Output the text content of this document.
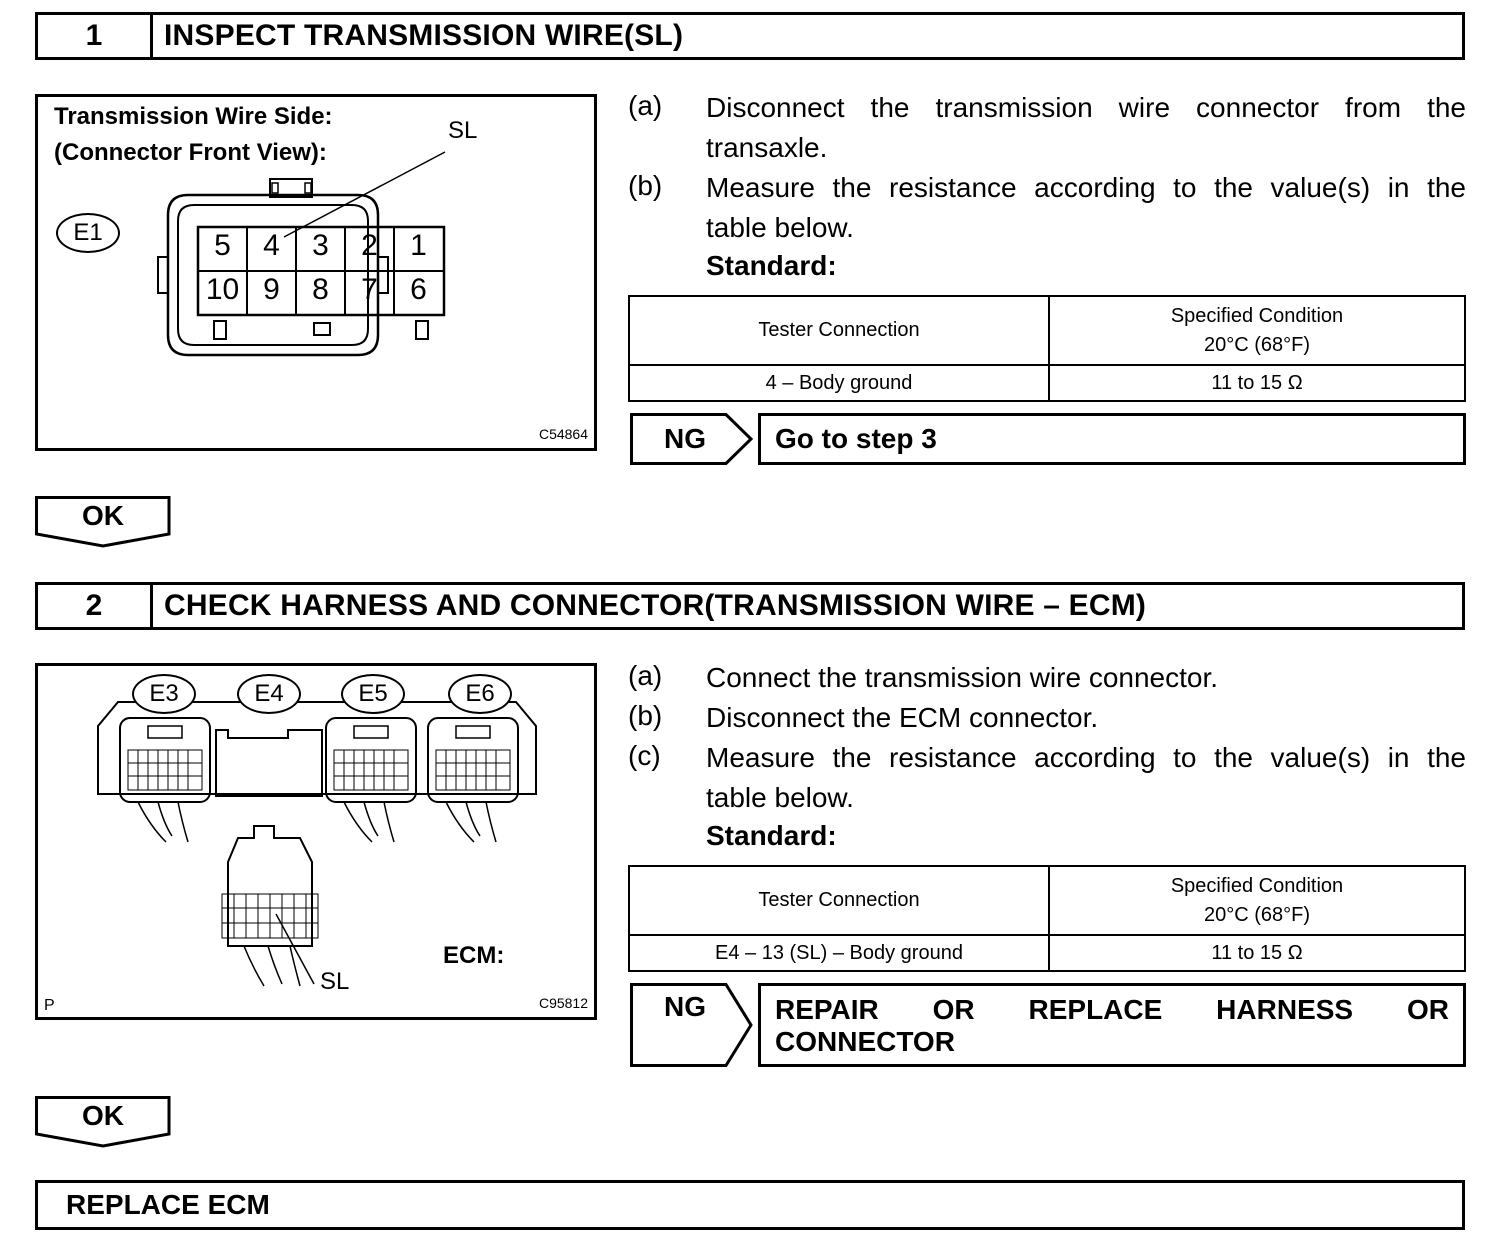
1	INSPECT TRANSMISSION WIRE(SL)
Transmission Wire Side:
(Connector Front View):
SL
E1	5	4	3	2	1
10 9	8	7	6
C54864
(a) Disconnect the transmission wire connector from the
transaxle.
(b) Measure the resistance according to the value(s) in the
table below.
Standard:
Tester Connection	Specified Condition
20°C (68°F)

4 – Body ground	11 to 15 Ω
NG	Go to step 3
OK
2	CHECK HARNESS AND CONNECTOR(TRANSMISSION WIRE – ECM)
E3	E4	E5	E6
ECM:
SL
P	C95812
(a) Connect the transmission wire connector.
(b) Disconnect the ECM connector.
(c) Measure the resistance according to the value(s) in the
table below.
Standard:
Tester Connection	Specified Condition
20°C (68°F)

E4 – 13 (SL) – Body ground	11 to 15 Ω
NG	REPAIR OR REPLACE HARNESS OR
CONNECTOR
OK
REPLACE ECM
